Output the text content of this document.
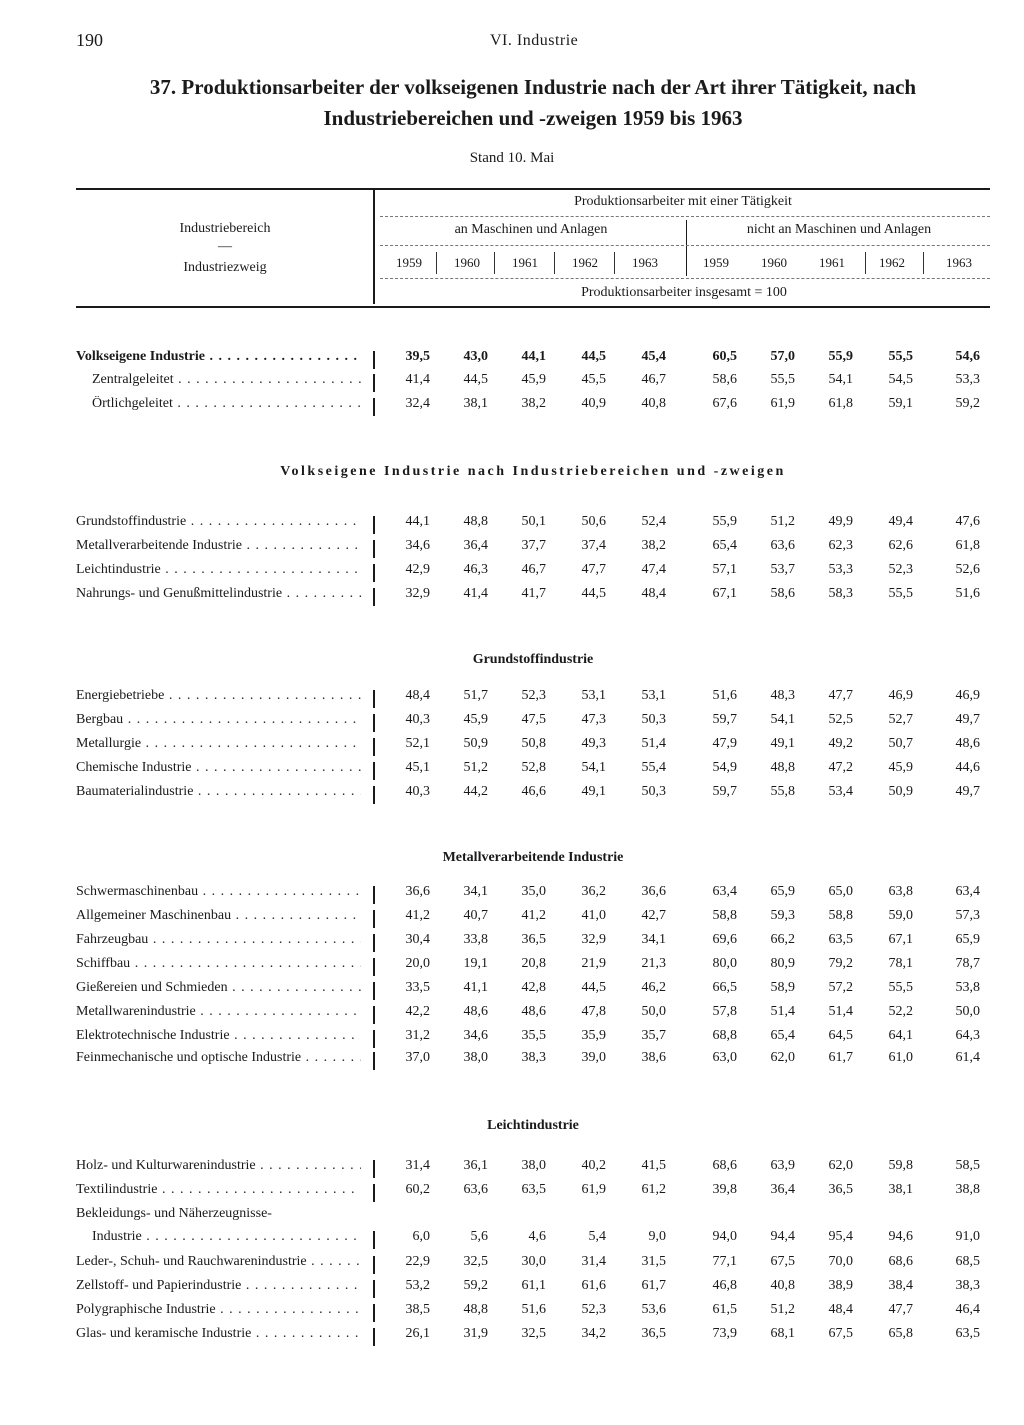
190	VI. Industrie
37. Produktionsarbeiter der volkseigenen Industrie nach der Art ihrer Tätigkeit, nach
Industriebereichen und -zweigen 1959 bis 1963
Stand 10. Mai
Industriebereich
—
Industriezweig
Produktionsarbeiter mit einer Tätigkeit
an Maschinen und Anlagen	nicht an Maschinen und Anlagen
1959	1960	1961	1962	1963	1959	1960	1961	1962	1963
Produktionsarbeiter insgesamt = 100
Volkseigene Industrie nach Industriebereichen und -zweigen
Grundstoffindustrie
Metallverarbeitende Industrie
Leichtindustrie
Volkseigene Industrie . . .	39,5	43,0	44,1	44,5	45,4	60,5	57,0	55,9	55,5	54,6
Zentralgeleitet . . .	41,4	44,5	45,9	45,5	46,7	58,6	55,5	54,1	54,5	53,3
Örtlichgeleitet . . .	32,4	38,1	38,2	40,9	40,8	67,6	61,9	61,8	59,1	59,2
Grundstoffindustrie . . .	44,1	48,8	50,1	50,6	52,4	55,9	51,2	49,9	49,4	47,6
Metallverarbeitende Industrie . . .	34,6	36,4	37,7	37,4	38,2	65,4	63,6	62,3	62,6	61,8
Leichtindustrie . . .	42,9	46,3	46,7	47,7	47,4	57,1	53,7	53,3	52,3	52,6
Nahrungs- und Genußmittelindustrie . . .	32,9	41,4	41,7	44,5	48,4	67,1	58,6	58,3	55,5	51,6
Energiebetriebe . . .	48,4	51,7	52,3	53,1	53,1	51,6	48,3	47,7	46,9	46,9
Bergbau . . .	40,3	45,9	47,5	47,3	50,3	59,7	54,1	52,5	52,7	49,7
Metallurgie . . .	52,1	50,9	50,8	49,3	51,4	47,9	49,1	49,2	50,7	48,6
Chemische Industrie . . .	45,1	51,2	52,8	54,1	55,4	54,9	48,8	47,2	45,9	44,6
Baumaterialindustrie . . .	40,3	44,2	46,6	49,1	50,3	59,7	55,8	53,4	50,9	49,7
Schwermaschinenbau . . .	36,6	34,1	35,0	36,2	36,6	63,4	65,9	65,0	63,8	63,4
Allgemeiner Maschinenbau . . .	41,2	40,7	41,2	41,0	42,7	58,8	59,3	58,8	59,0	57,3
Fahrzeugbau . . .	30,4	33,8	36,5	32,9	34,1	69,6	66,2	63,5	67,1	65,9
Schiffbau . . .	20,0	19,1	20,8	21,9	21,3	80,0	80,9	79,2	78,1	78,7
Gießereien und Schmieden . . .	33,5	41,1	42,8	44,5	46,2	66,5	58,9	57,2	55,5	53,8
Metallwarenindustrie . . .	42,2	48,6	48,6	47,8	50,0	57,8	51,4	51,4	52,2	50,0
Elektrotechnische Industrie . . .	31,2	34,6	35,5	35,9	35,7	68,8	65,4	64,5	64,1	64,3
Feinmechanische und optische Industrie . . .	37,0	38,0	38,3	39,0	38,6	63,0	62,0	61,7	61,0	61,4
Holz- und Kulturwarenindustrie . . .	31,4	36,1	38,0	40,2	41,5	68,6	63,9	62,0	59,8	58,5
Textilindustrie . . .	60,2	63,6	63,5	61,9	61,2	39,8	36,4	36,5	38,1	38,8
Bekleidungs- und Näherzeugnisse-
Industrie . . .	6,0	5,6	4,6	5,4	9,0	94,0	94,4	95,4	94,6	91,0
Leder-, Schuh- und Rauchwarenindustrie . . .	22,9	32,5	30,0	31,4	31,5	77,1	67,5	70,0	68,6	68,5
Zellstoff- und Papierindustrie . . .	53,2	59,2	61,1	61,6	61,7	46,8	40,8	38,9	38,4	38,3
Polygraphische Industrie . . .	38,5	48,8	51,6	52,3	53,6	61,5	51,2	48,4	47,7	46,4
Glas- und keramische Industrie . . .	26,1	31,9	32,5	34,2	36,5	73,9	68,1	67,5	65,8	63,5
